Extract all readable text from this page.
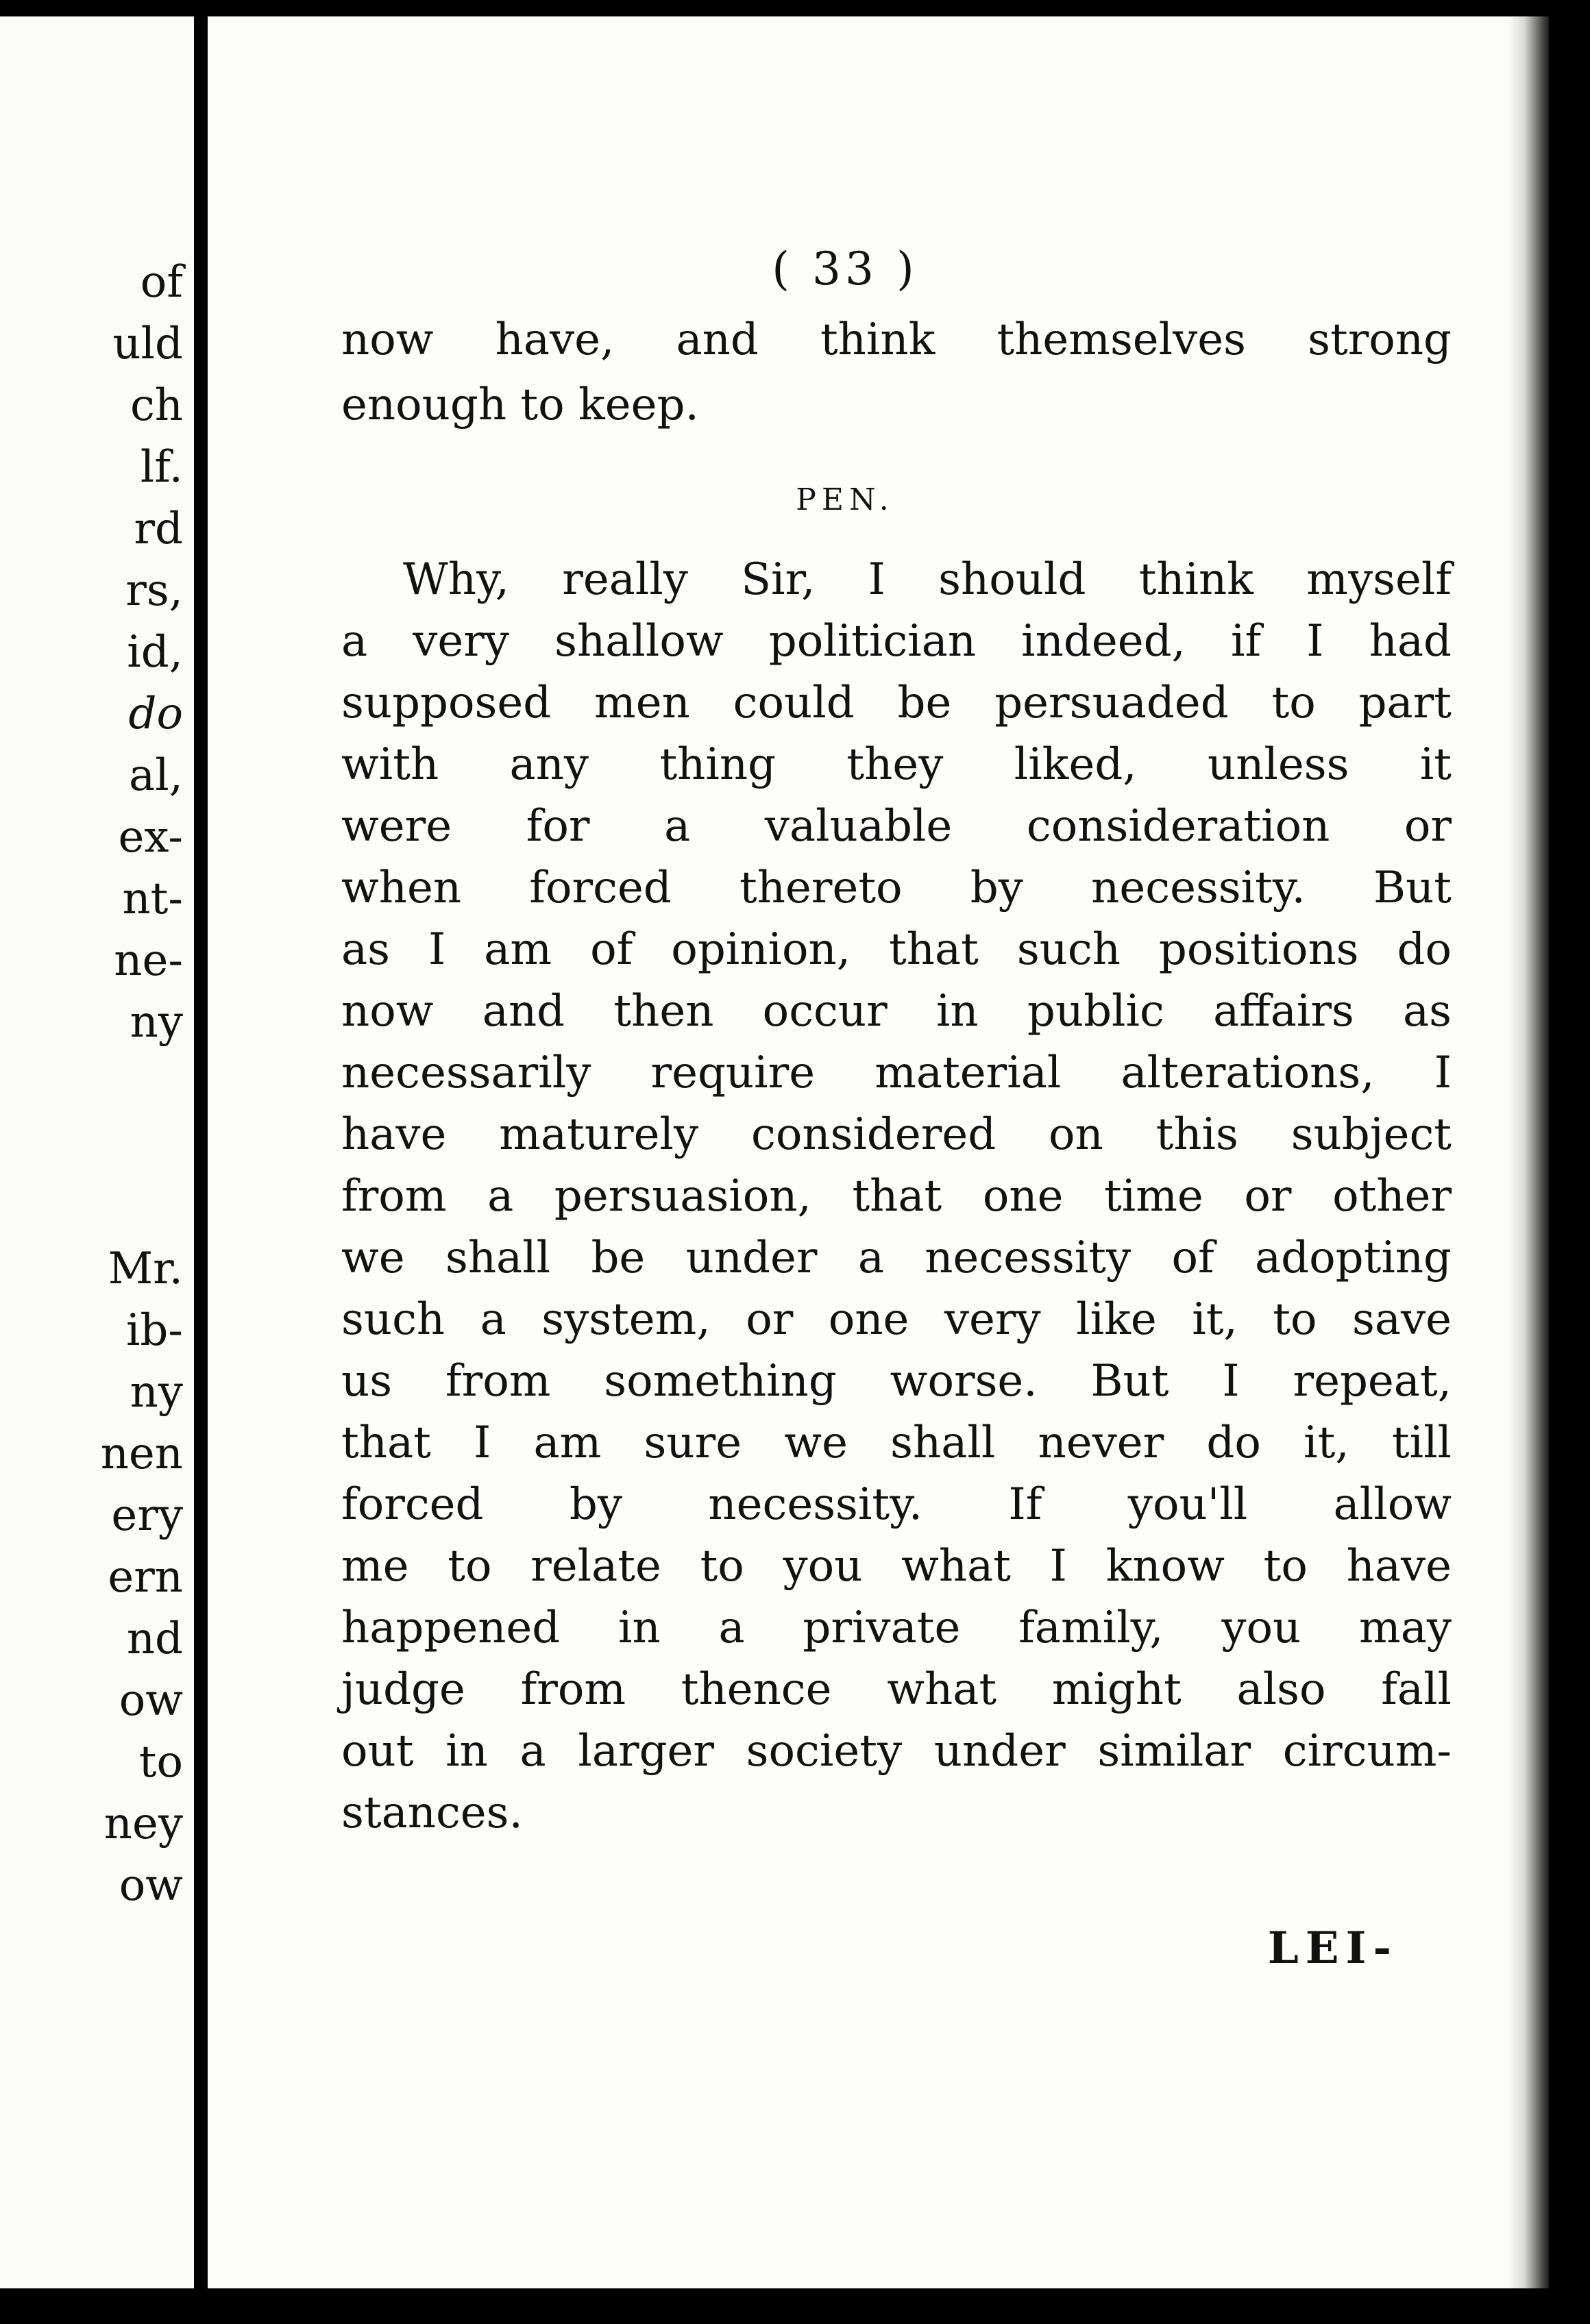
of
uld
ch
lf.
rd
rs,
id,
do
al,
ex-
nt-
ne-
ny
Mr.
ib-
ny
nen
ery
ern
nd
ow
to
ney
ow
( 33 )
now have, and think themselves strong
enough to keep.
PEN.
Why, really Sir, I should think myself
a very shallow politician indeed, if I had
supposed men could be persuaded to part
with any thing they liked, unless it
were for a valuable consideration or
when forced thereto by necessity. But
as I am of opinion, that such positions do
now and then occur in public affairs as
necessarily require material alterations, I
have maturely considered on this subject
from a persuasion, that one time or other
we shall be under a necessity of adopting
such a system, or one very like it, to save
us from something worse. But I repeat,
that I am sure we shall never do it, till
forced by necessity. If you'll allow
me to relate to you what I know to have
happened in a private family, you may
judge from thence what might also fall
out in a larger society under similar circum-
stances.
LEI-
